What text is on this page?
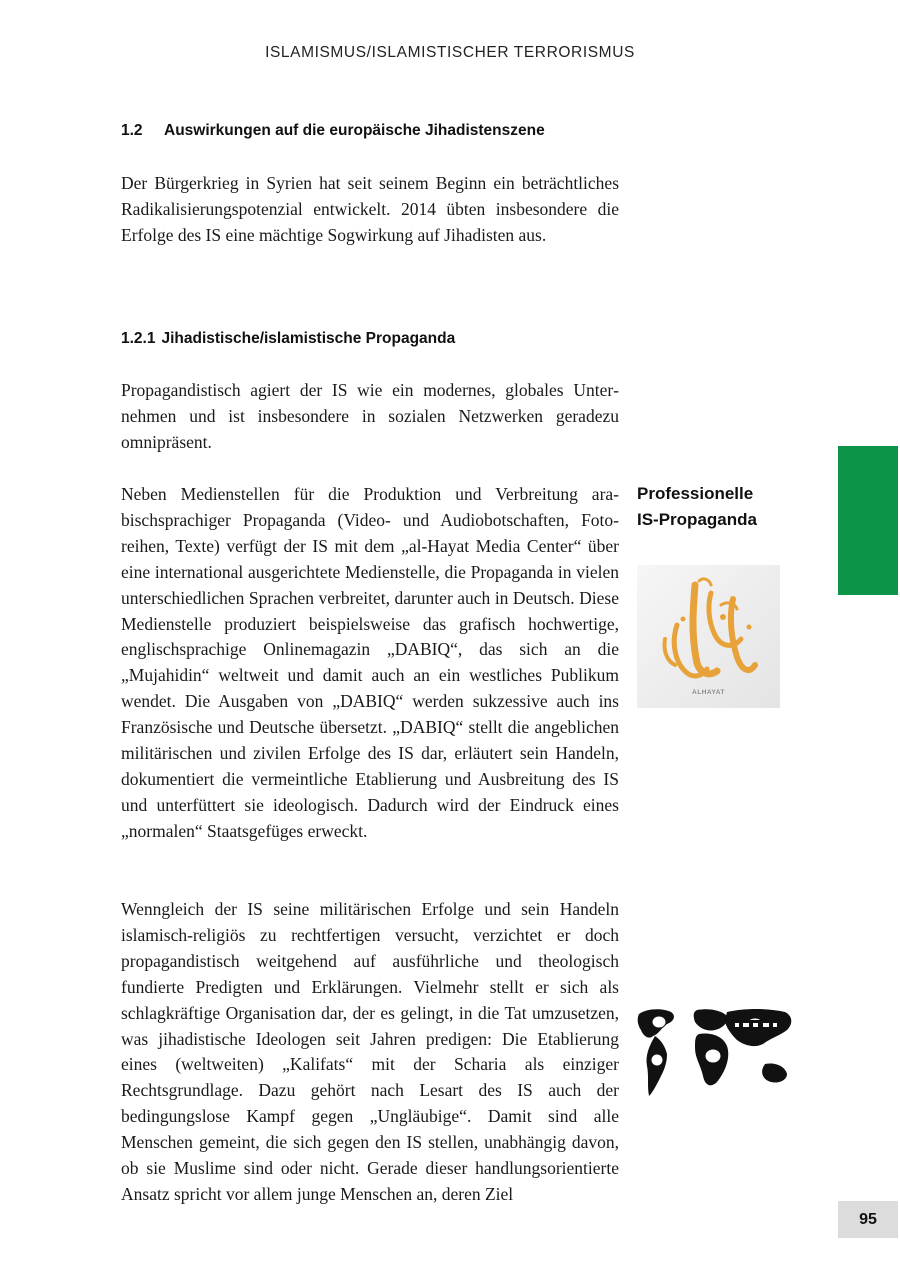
ISLAMISMUS/ISLAMISTISCHER TERRORISMUS
1.2 Auswirkungen auf die europäische Jihadistenszene

Der Bürgerkrieg in Syrien hat seit seinem Beginn ein beträchtliches Radikalisierungspotenzial entwickelt. 2014 übten insbesondere die Erfolge des IS eine mächtige Sogwirkung auf Jihadisten aus.

1.2.1 Jihadistische/islamistische Propaganda

Propagandistisch agiert der IS wie ein modernes, globales Unternehmen und ist insbesondere in sozialen Netzwerken geradezu omnipräsent.

Neben Medienstellen für die Produktion und Verbreitung arabischsprachiger Propaganda (Video- und Audiobotschaften, Fotoreihen, Texte) verfügt der IS mit dem „al-Hayat Media Center“ über eine international ausgerichtete Medienstelle, die Propaganda in vielen unterschiedlichen Sprachen verbreitet, darunter auch in Deutsch. Diese Medienstelle produziert beispielsweise das grafisch hochwertige, englischsprachige Onlinemagazin „DABIQ“, das sich an die „Mujahidin“ weltweit und damit auch an ein westliches Publikum wendet. Die Ausgaben von „DABIQ“ werden sukzessive auch ins Französische und Deutsche übersetzt. „DABIQ“ stellt die angeblichen militärischen und zivilen Erfolge des IS dar, erläutert sein Handeln, dokumentiert die vermeintliche Etablierung und Ausbreitung des IS und unterfüttert sie ideologisch. Dadurch wird der Eindruck eines „normalen“ Staatsgefüges erweckt.

Wenngleich der IS seine militärischen Erfolge und sein Handeln islamisch-religiös zu rechtfertigen versucht, verzichtet er doch propagandistisch weitgehend auf ausführliche und theologisch fundierte Predigten und Erklärungen. Vielmehr stellt er sich als schlagkräftige Organisation dar, der es gelingt, in die Tat umzusetzen, was jihadistische Ideologen seit Jahren predigen: Die Etablierung eines (weltweiten) „Kalifats“ mit der Scharia als einziger Rechtsgrundlage. Dazu gehört nach Lesart des IS auch der bedingungslose Kampf gegen „Ungläubige“. Damit sind alle Menschen gemeint, die sich gegen den IS stellen, unabhängig davon, ob sie Muslime sind oder nicht. Gerade dieser handlungsorientierte Ansatz spricht vor allem junge Menschen an, deren Ziel

Professionelle
IS-Propaganda
ALHAYAT
95
